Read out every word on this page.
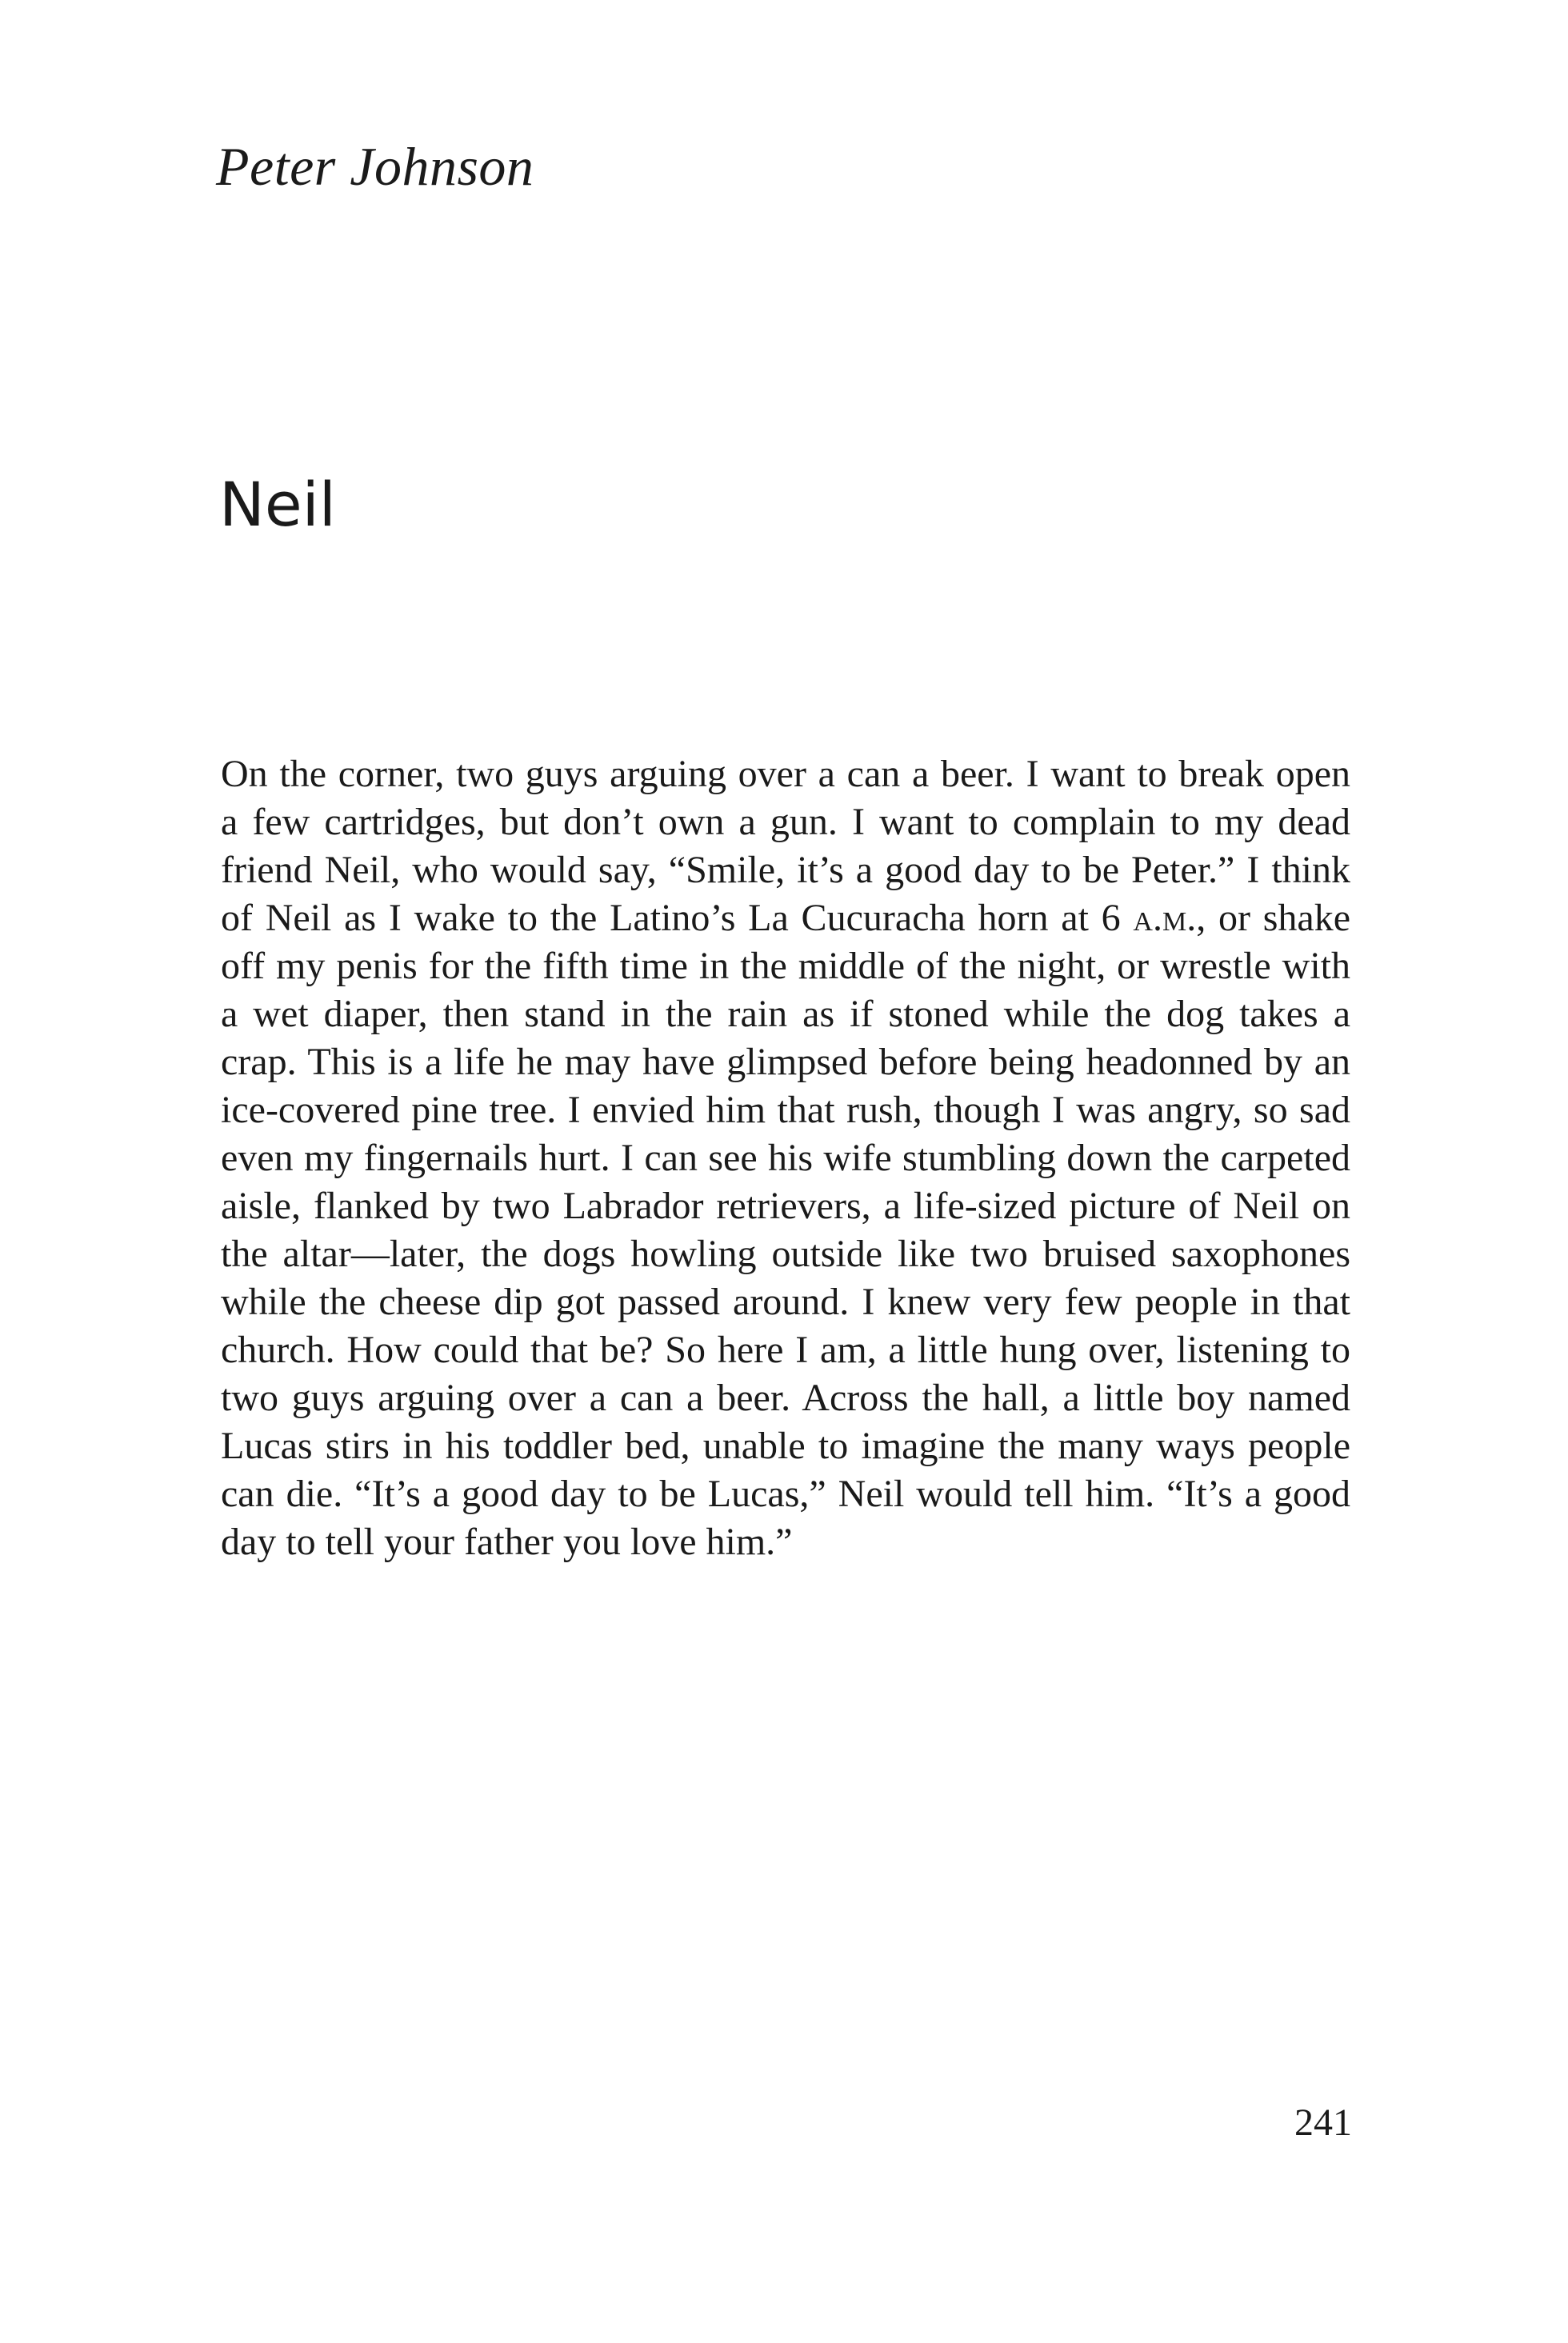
Peter Johnson
Neil
On the corner, two guys arguing over a can a beer. I want to break open
a few cartridges, but don’t own a gun. I want to complain to my dead
friend Neil, who would say, “Smile, it’s a good day to be Peter.” I think
of Neil as I wake to the Latino’s La Cucuracha horn at 6 a.m., or shake
off my penis for the fifth time in the middle of the night, or wrestle with
a wet diaper, then stand in the rain as if stoned while the dog takes a
crap. This is a life he may have glimpsed before being headonned by an
ice-covered pine tree. I envied him that rush, though I was angry, so sad
even my fingernails hurt. I can see his wife stumbling down the carpeted
aisle, flanked by two Labrador retrievers, a life-sized picture of Neil on
the altar—later, the dogs howling outside like two bruised saxophones
while the cheese dip got passed around. I knew very few people in that
church. How could that be? So here I am, a little hung over, listening to
two guys arguing over a can a beer. Across the hall, a little boy named
Lucas stirs in his toddler bed, unable to imagine the many ways people
can die. “It’s a good day to be Lucas,” Neil would tell him. “It’s a good
day to tell your father you love him.”
241
